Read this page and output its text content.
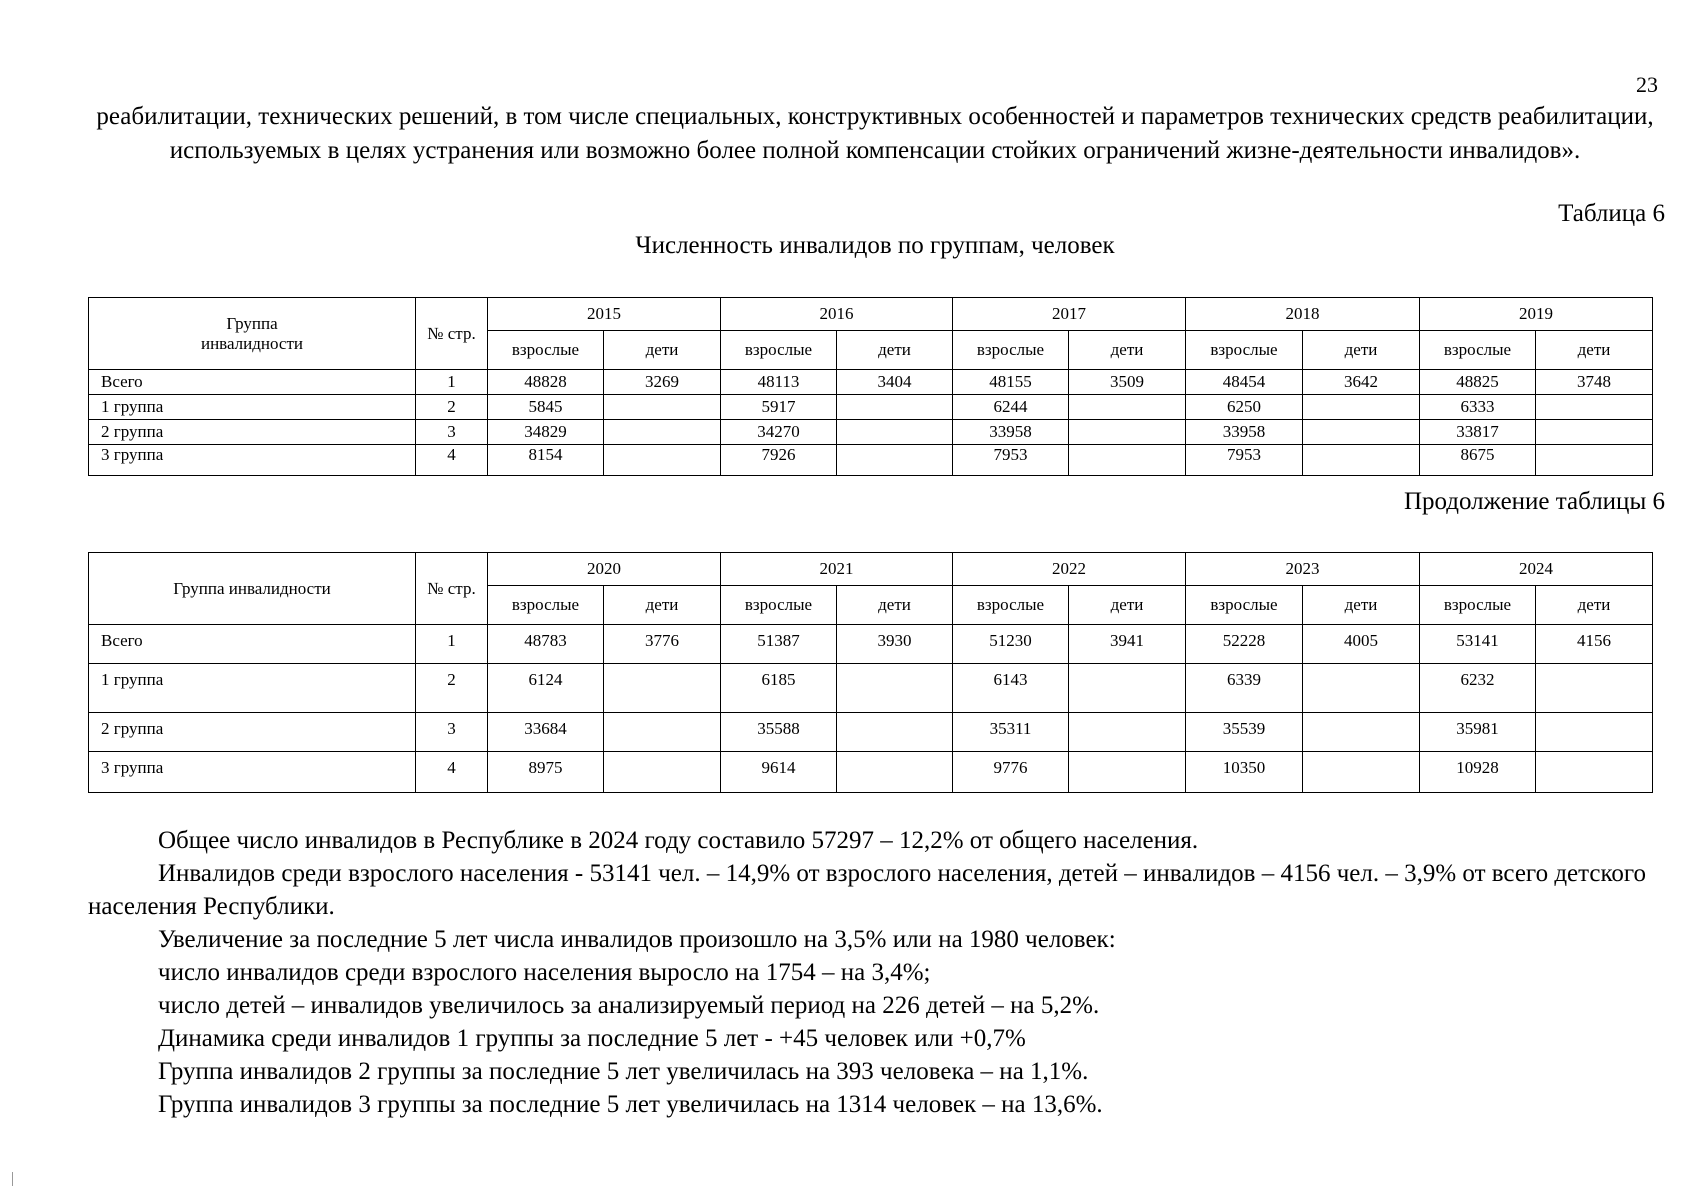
23
реабилитации, технических решений, в том числе специальных, конструктивных особенностей и параметров технических средств реабилитации, используемых в целях устранения или возможно более полной компенсации стойких ограничений жизне-деятельности инвалидов».
Таблица 6
Численность инвалидов по группам, человек
Группа инвалидности	№ стр.	2015		2016		2017		2018		2019	
		взрослые	дети	взрослые	дети	взрослые	дети	взрослые	дети	взрослые	дети
Всего	1	48828	3269	48113	3404	48155	3509	48454	3642	48825	3748
1 группа	2	5845		5917		6244		6250		6333	
2 группа	3	34829		34270		33958		33958		33817	
3 группа	4	8154		7926		7953		7953		8675	
Продолжение таблицы 6
Группа инвалидности	№ стр.	2020		2021		2022		2023		2024	
		взрослые	дети	взрослые	дети	взрослые	дети	взрослые	дети	взрослые	дети
Всего	1	48783	3776	51387	3930	51230	3941	52228	4005	53141	4156
1 группа	2	6124		6185		6143		6339		6232	
2 группа	3	33684		35588		35311		35539		35981	
3 группа	4	8975		9614		9776		10350		10928	

Общее число инвалидов в Республике в 2024 году составило 57297 – 12,2% от общего населения.

Инвалидов среди взрослого населения - 53141 чел. – 14,9% от взрослого населения, детей – инвалидов – 4156 чел. – 3,9% от всего детского населения Республики.

Увеличение за последние 5 лет числа инвалидов произошло на 3,5% или на 1980 человек:

число инвалидов среди взрослого населения выросло на 1754 – на 3,4%;

число детей – инвалидов увеличилось за анализируемый период на 226 детей – на 5,2%.

Динамика среди инвалидов 1 группы за последние 5 лет - +45 человек или +0,7%

Группа инвалидов 2 группы за последние 5 лет увеличилась на 393 человека – на 1,1%.

Группа инвалидов 3 группы за последние 5 лет увеличилась на 1314 человек – на 13,6%.
